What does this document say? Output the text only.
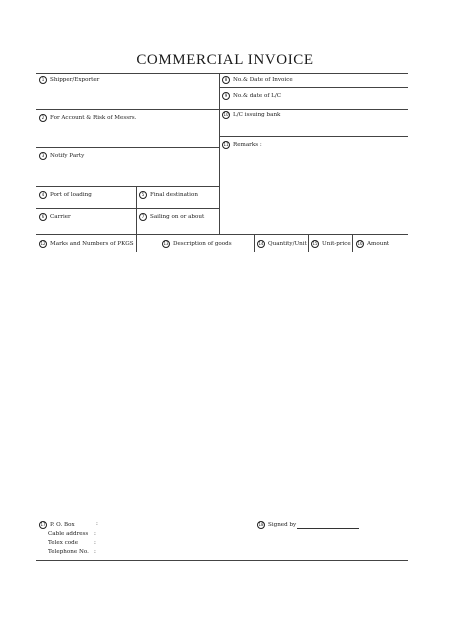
COMMERCIAL INVOICE
1	Shipper/Exporter	8	No.& Date of Invoice
9	No.& date of L/C
2	For Account & Risk of Messrs.
10 L/C issuing bank
11 Remarks :
3	Notify Party
4	Port of loading	5	Final destination
6	Carrier	7	Sailing on or about
12 Marks and Numbers of PKGS	13 Description of goods	14 Quantity/Unit	15 Unit-price	16 Amount
17 P. O. Box	:
Cable address :
Telex code	:
Telephone No. :
18 Signed by
